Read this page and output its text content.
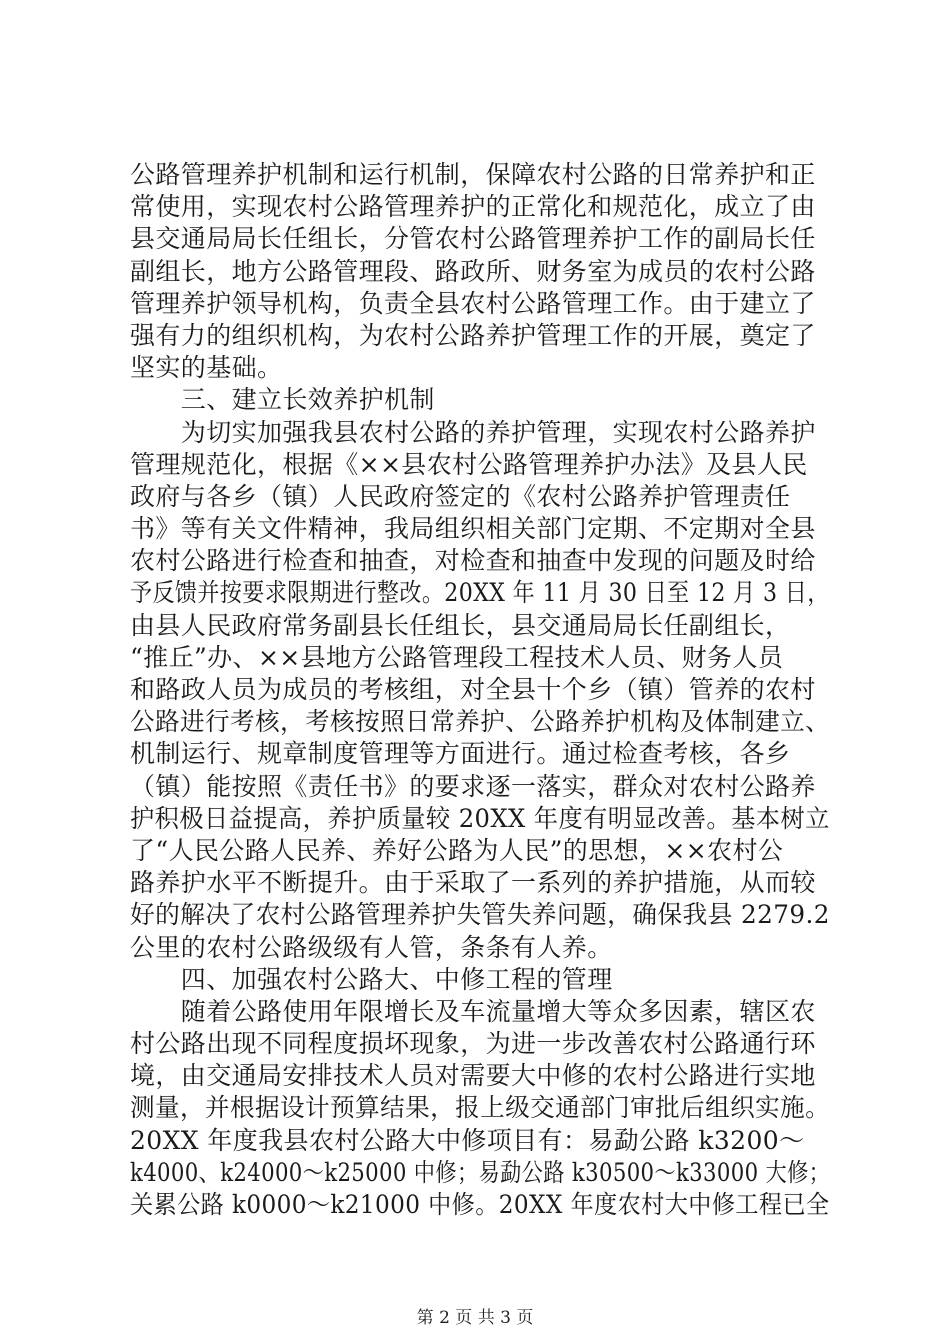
公路管理养护机制和运行机制，保障农村公路的日常养护和正
常使用，实现农村公路管理养护的正常化和规范化，成立了由
县交通局局长任组长，分管农村公路管理养护工作的副局长任
副组长，地方公路管理段、路政所、财务室为成员的农村公路
管理养护领导机构，负责全县农村公路管理工作。由于建立了
强有力的组织机构，为农村公路养护管理工作的开展，奠定了
坚实的基础。
　　三、建立长效养护机制
　　为切实加强我县农村公路的养护管理，实现农村公路养护
管理规范化，根据《××县农村公路管理养护办法》及县人民
政府与各乡（镇）人民政府签定的《农村公路养护管理责任
书》等有关文件精神，我局组织相关部门定期、不定期对全县
农村公路进行检查和抽查，对检查和抽查中发现的问题及时给
予反馈并按要求限期进行整改。20XX 年 11 月 30 日至 12 月 3 日，
由县人民政府常务副县长任组长，县交通局局长任副组长，
“推丘”办、××县地方公路管理段工程技术人员、财务人员
和路政人员为成员的考核组，对全县十个乡（镇）管养的农村
公路进行考核，考核按照日常养护、公路养护机构及体制建立、
机制运行、规章制度管理等方面进行。通过检查考核，各乡
（镇）能按照《责任书》的要求逐一落实，群众对农村公路养
护积极日益提高，养护质量较 20XX 年度有明显改善。基本树立
了“人民公路人民养、养好公路为人民”的思想，××农村公
路养护水平不断提升。由于采取了一系列的养护措施，从而较
好的解决了农村公路管理养护失管失养问题，确保我县 2279.2
公里的农村公路级级有人管，条条有人养。
　　四、加强农村公路大、中修工程的管理
　　随着公路使用年限增长及车流量增大等众多因素，辖区农
村公路出现不同程度损坏现象，为进一步改善农村公路通行环
境，由交通局安排技术人员对需要大中修的农村公路进行实地
测量，并根据设计预算结果，报上级交通部门审批后组织实施。
20XX 年度我县农村公路大中修项目有：易勐公路 k3200～
k4000、k24000～k25000 中修；易勐公路 k30500～k33000 大修；
关累公路 k0000～k21000 中修。20XX 年度农村大中修工程已全
第 2 页 共 3 页
